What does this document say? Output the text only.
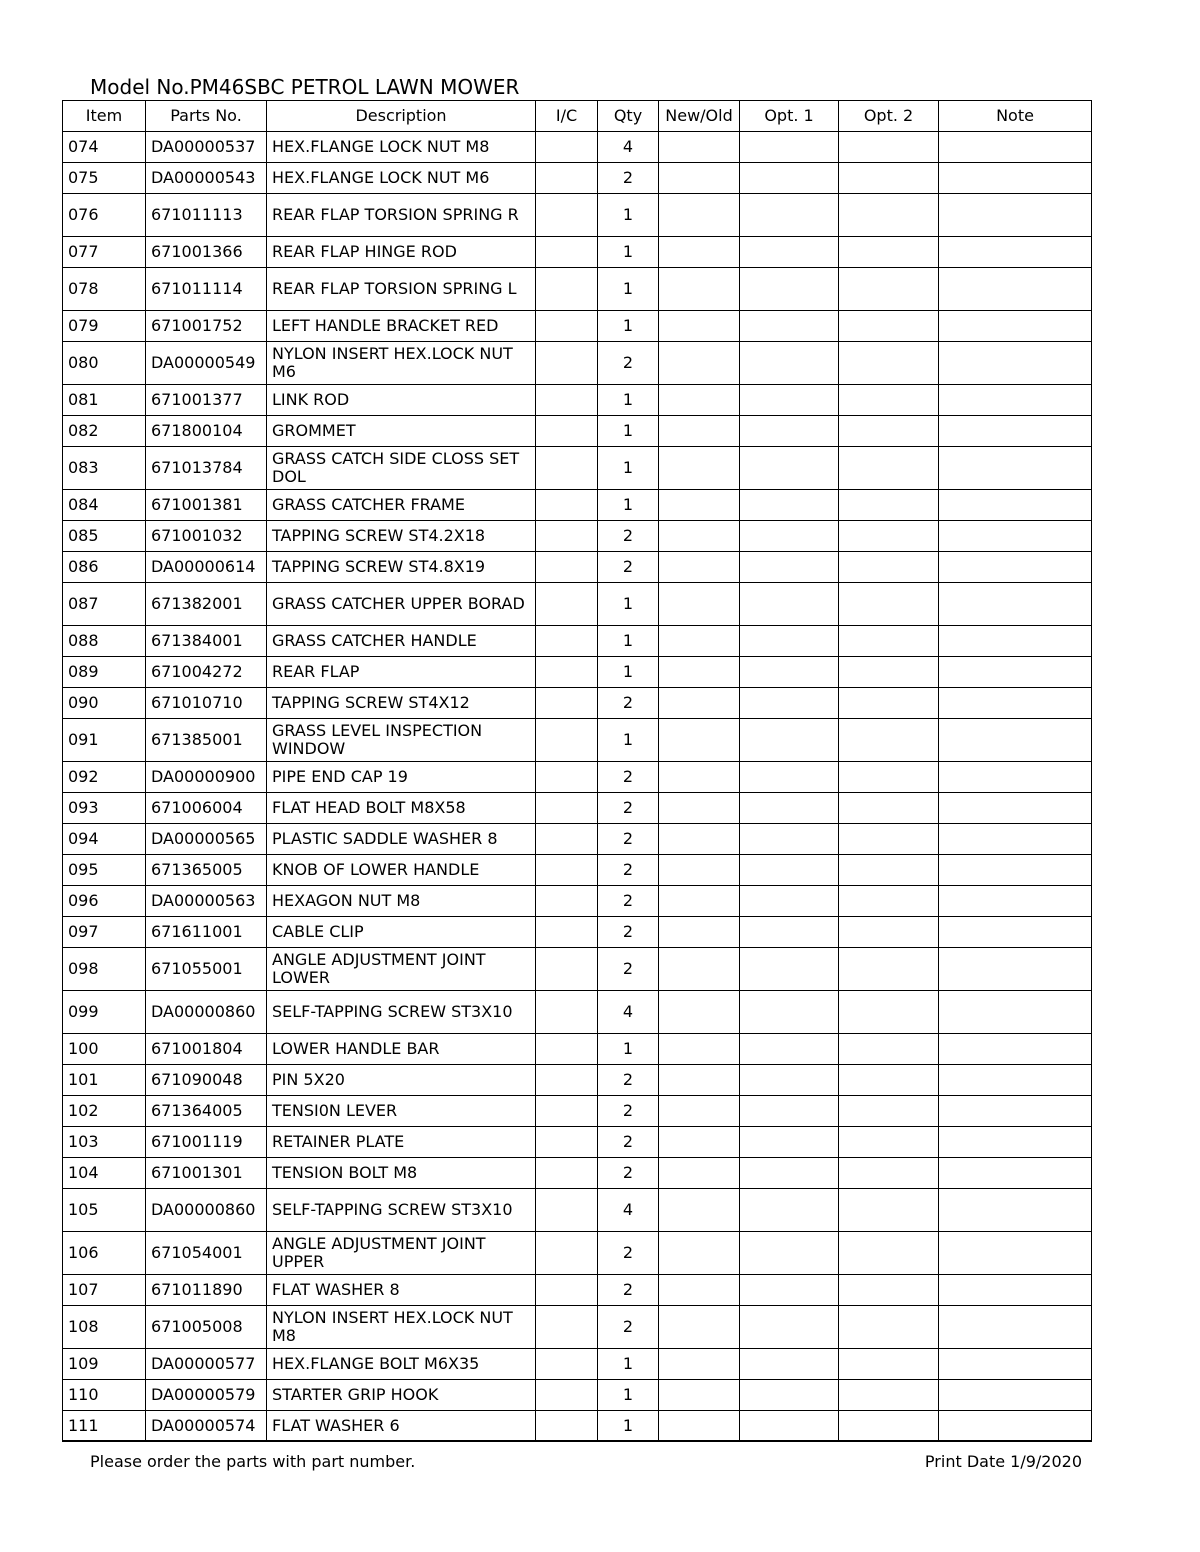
Model No.PM46SBC PETROL LAWN MOWER
Item	Parts No.	Description	I/C	Qty	New/Old	Opt. 1	Opt. 2	Note
074	DA00000537	HEX.FLANGE LOCK NUT M8		4				
075	DA00000543	HEX.FLANGE LOCK NUT M6		2				
076	671011113	REAR FLAP TORSION SPRING R		1				
077	671001366	REAR FLAP HINGE ROD		1				
078	671011114	REAR FLAP TORSION SPRING L		1				
079	671001752	LEFT HANDLE BRACKET RED		1				
080	DA00000549	NYLON INSERT HEX.LOCK NUT M6		2				
081	671001377	LINK ROD		1				
082	671800104	GROMMET		1				
083	671013784	GRASS CATCH SIDE CLOSS SET DOL		1				
084	671001381	GRASS CATCHER FRAME		1				
085	671001032	TAPPING SCREW ST4.2X18		2				
086	DA00000614	TAPPING SCREW ST4.8X19		2				
087	671382001	GRASS CATCHER UPPER BORAD		1				
088	671384001	GRASS CATCHER HANDLE		1				
089	671004272	REAR FLAP		1				
090	671010710	TAPPING SCREW ST4X12		2				
091	671385001	GRASS LEVEL INSPECTION WINDOW		1				
092	DA00000900	PIPE END CAP 19		2				
093	671006004	FLAT HEAD BOLT M8X58		2				
094	DA00000565	PLASTIC SADDLE WASHER 8		2				
095	671365005	KNOB OF LOWER HANDLE		2				
096	DA00000563	HEXAGON NUT M8		2				
097	671611001	CABLE CLIP		2				
098	671055001	ANGLE ADJUSTMENT JOINT LOWER		2				
099	DA00000860	SELF-TAPPING SCREW ST3X10		4				
100	671001804	LOWER HANDLE BAR		1				
101	671090048	PIN 5X20		2				
102	671364005	TENSI0N LEVER		2				
103	671001119	RETAINER PLATE		2				
104	671001301	TENSION BOLT M8		2				
105	DA00000860	SELF-TAPPING SCREW ST3X10		4				
106	671054001	ANGLE ADJUSTMENT JOINT UPPER		2				
107	671011890	FLAT WASHER 8		2				
108	671005008	NYLON INSERT HEX.LOCK NUT M8		2				
109	DA00000577	HEX.FLANGE BOLT M6X35		1				
110	DA00000579	STARTER GRIP HOOK		1				
111	DA00000574	FLAT WASHER 6		1				
Please order the parts with part number.	Print Date 1/9/2020
